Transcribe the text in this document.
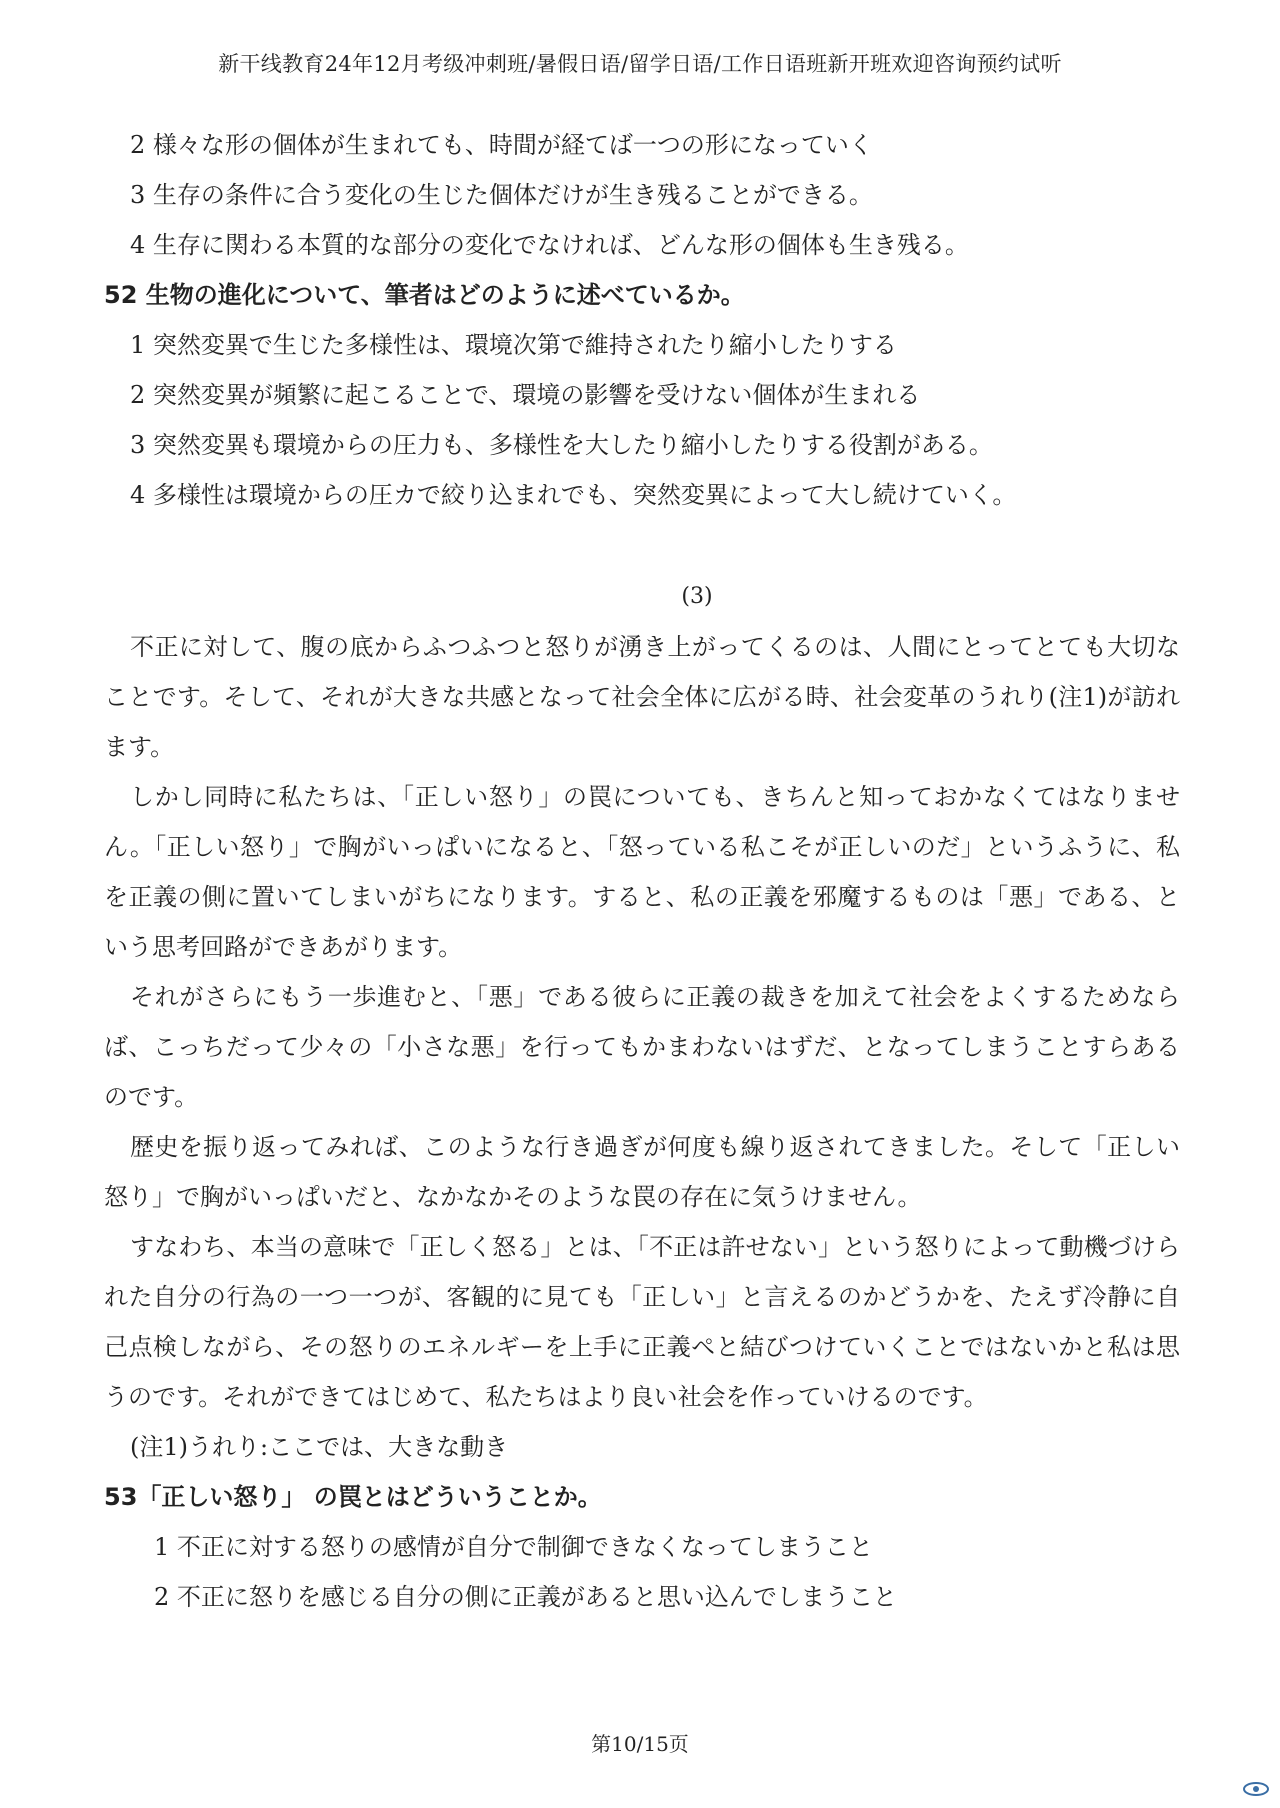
新干线教育24年12月考级冲刺班/暑假日语/留学日语/工作日语班新开班欢迎咨询预约试听
2 様々な形の個体が生まれても、時間が経てば一つの形になっていく
3 生存の条件に合う変化の生じた個体だけが生き残ることができる。
4 生存に関わる本質的な部分の変化でなければ、どんな形の個体も生き残る。
52 生物の進化について、筆者はどのように述べているか。
1 突然変異で生じた多様性は、環境次第で維持されたり縮小したりする
2 突然変異が頻繁に起こることで、環境の影響を受けない個体が生まれる
3 突然変異も環境からの圧力も、多様性を大したり縮小したりする役割がある。
4 多様性は環境からの圧カで絞り込まれでも、突然変異によって大し続けていく。
(3)

不正に対して、腹の底からふつふつと怒りが湧き上がってくるのは、人間にとってとても大切なことです。そして、それが大きな共感となって社会全体に広がる時、社会変革のうれり(注1)が訪れます。

しかし同時に私たちは、「正しい怒り」の罠についても、きちんと知っておかなくてはなりません。「正しい怒り」で胸がいっぱいになると、「怒っている私こそが正しいのだ」というふうに、私を正義の側に置いてしまいがちになります。すると、私の正義を邪魔するものは「悪」である、という思考回路ができあがります。

それがさらにもう一歩進むと、「悪」である彼らに正義の裁きを加えて社会をよくするためならば、こっちだって少々の「小さな悪」を行ってもかまわないはずだ、となってしまうことすらあるのです。

歴史を振り返ってみれば、このような行き過ぎが何度も線り返されてきました。そして「正しい怒り」で胸がいっぱいだと、なかなかそのような罠の存在に気うけません。

すなわち、本当の意味で「正しく怒る」とは、「不正は許せない」という怒りによって動機づけられた自分の行為の一つ一つが、客観的に見ても「正しい」と言えるのかどうかを、たえず冷静に自己点検しながら、その怒りのエネルギーを上手に正義ペと結びつけていくことではないかと私は思うのです。それができてはじめて、私たちはより良い社会を作っていけるのです。

(注1)うれり:ここでは、大きな動き
53「正しい怒り」 の罠とはどういうことか。
1 不正に対する怒りの感情が自分で制御できなくなってしまうこと
2 不正に怒りを感じる自分の側に正義があると思い込んでしまうこと
第10/15页
